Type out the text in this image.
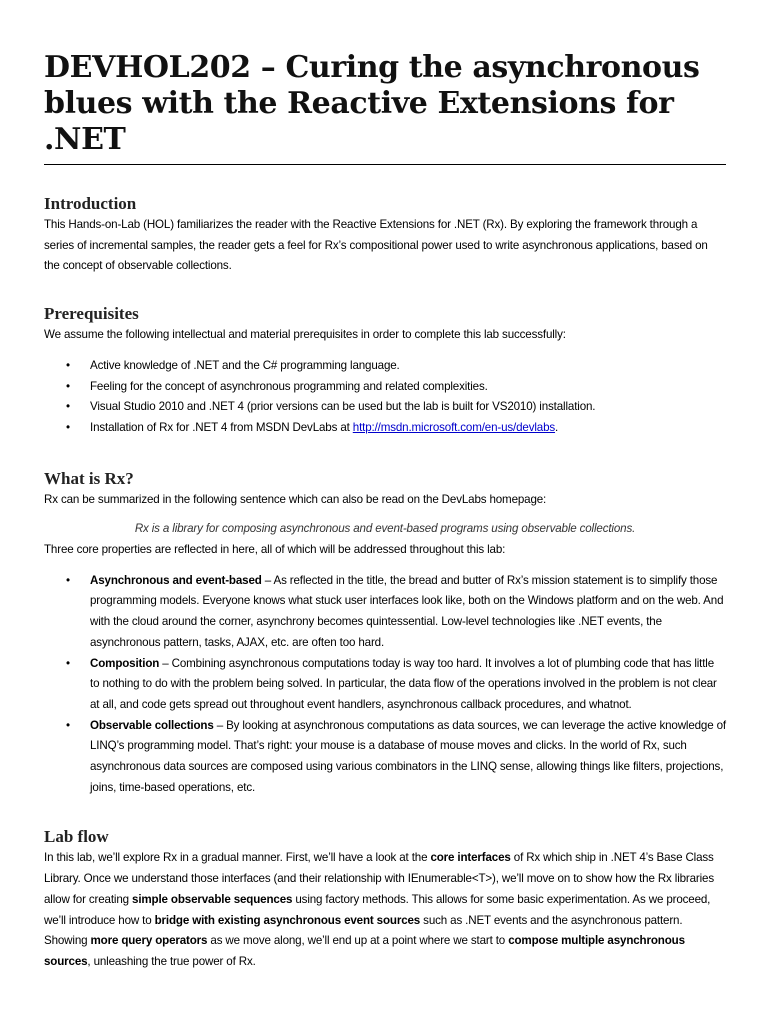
DEVHOL202 – Curing the asynchronous blues with the Reactive Extensions for .NET
Introduction

This Hands-on-Lab (HOL) familiarizes the reader with the Reactive Extensions for .NET (Rx). By exploring the framework through a series of incremental samples, the reader gets a feel for Rx’s compositional power used to write asynchronous applications, based on the concept of observable collections.

Prerequisites

We assume the following intellectual and material prerequisites in order to complete this lab successfully:

• Active knowledge of .NET and the C# programming language.
• Feeling for the concept of asynchronous programming and related complexities.
• Visual Studio 2010 and .NET 4 (prior versions can be used but the lab is built for VS2010) installation.
• Installation of Rx for .NET 4 from MSDN DevLabs at http://msdn.microsoft.com/en-us/devlabs.
What is Rx?

Rx can be summarized in the following sentence which can also be read on the DevLabs homepage:

Rx is a library for composing asynchronous and event-based programs using observable collections.

Three core properties are reflected in here, all of which will be addressed throughout this lab:

• Asynchronous and event-based – As reflected in the title, the bread and butter of Rx’s mission statement is to simplify those programming models. Everyone knows what stuck user interfaces look like, both on the Windows platform and on the web. And with the cloud around the corner, asynchrony becomes quintessential. Low-level technologies like .NET events, the asynchronous pattern, tasks, AJAX, etc. are often too hard.
• Composition – Combining asynchronous computations today is way too hard. It involves a lot of plumbing code that has little to nothing to do with the problem being solved. In particular, the data flow of the operations involved in the problem is not clear at all, and code gets spread out throughout event handlers, asynchronous callback procedures, and whatnot.
• Observable collections – By looking at asynchronous computations as data sources, we can leverage the active knowledge of LINQ’s programming model. That’s right: your mouse is a database of mouse moves and clicks. In the world of Rx, such asynchronous data sources are composed using various combinators in the LINQ sense, allowing things like filters, projections, joins, time-based operations, etc.
Lab flow

In this lab, we’ll explore Rx in a gradual manner. First, we’ll have a look at the core interfaces of Rx which ship in .NET 4’s Base Class Library. Once we understand those interfaces (and their relationship with IEnumerable<T>), we’ll move on to show how the Rx libraries allow for creating simple observable sequences using factory methods. This allows for some basic experimentation. As we proceed, we’ll introduce how to bridge with existing asynchronous event sources such as .NET events and the asynchronous pattern. Showing more query operators as we move along, we’ll end up at a point where we start to compose multiple asynchronous sources, unleashing the true power of Rx.
